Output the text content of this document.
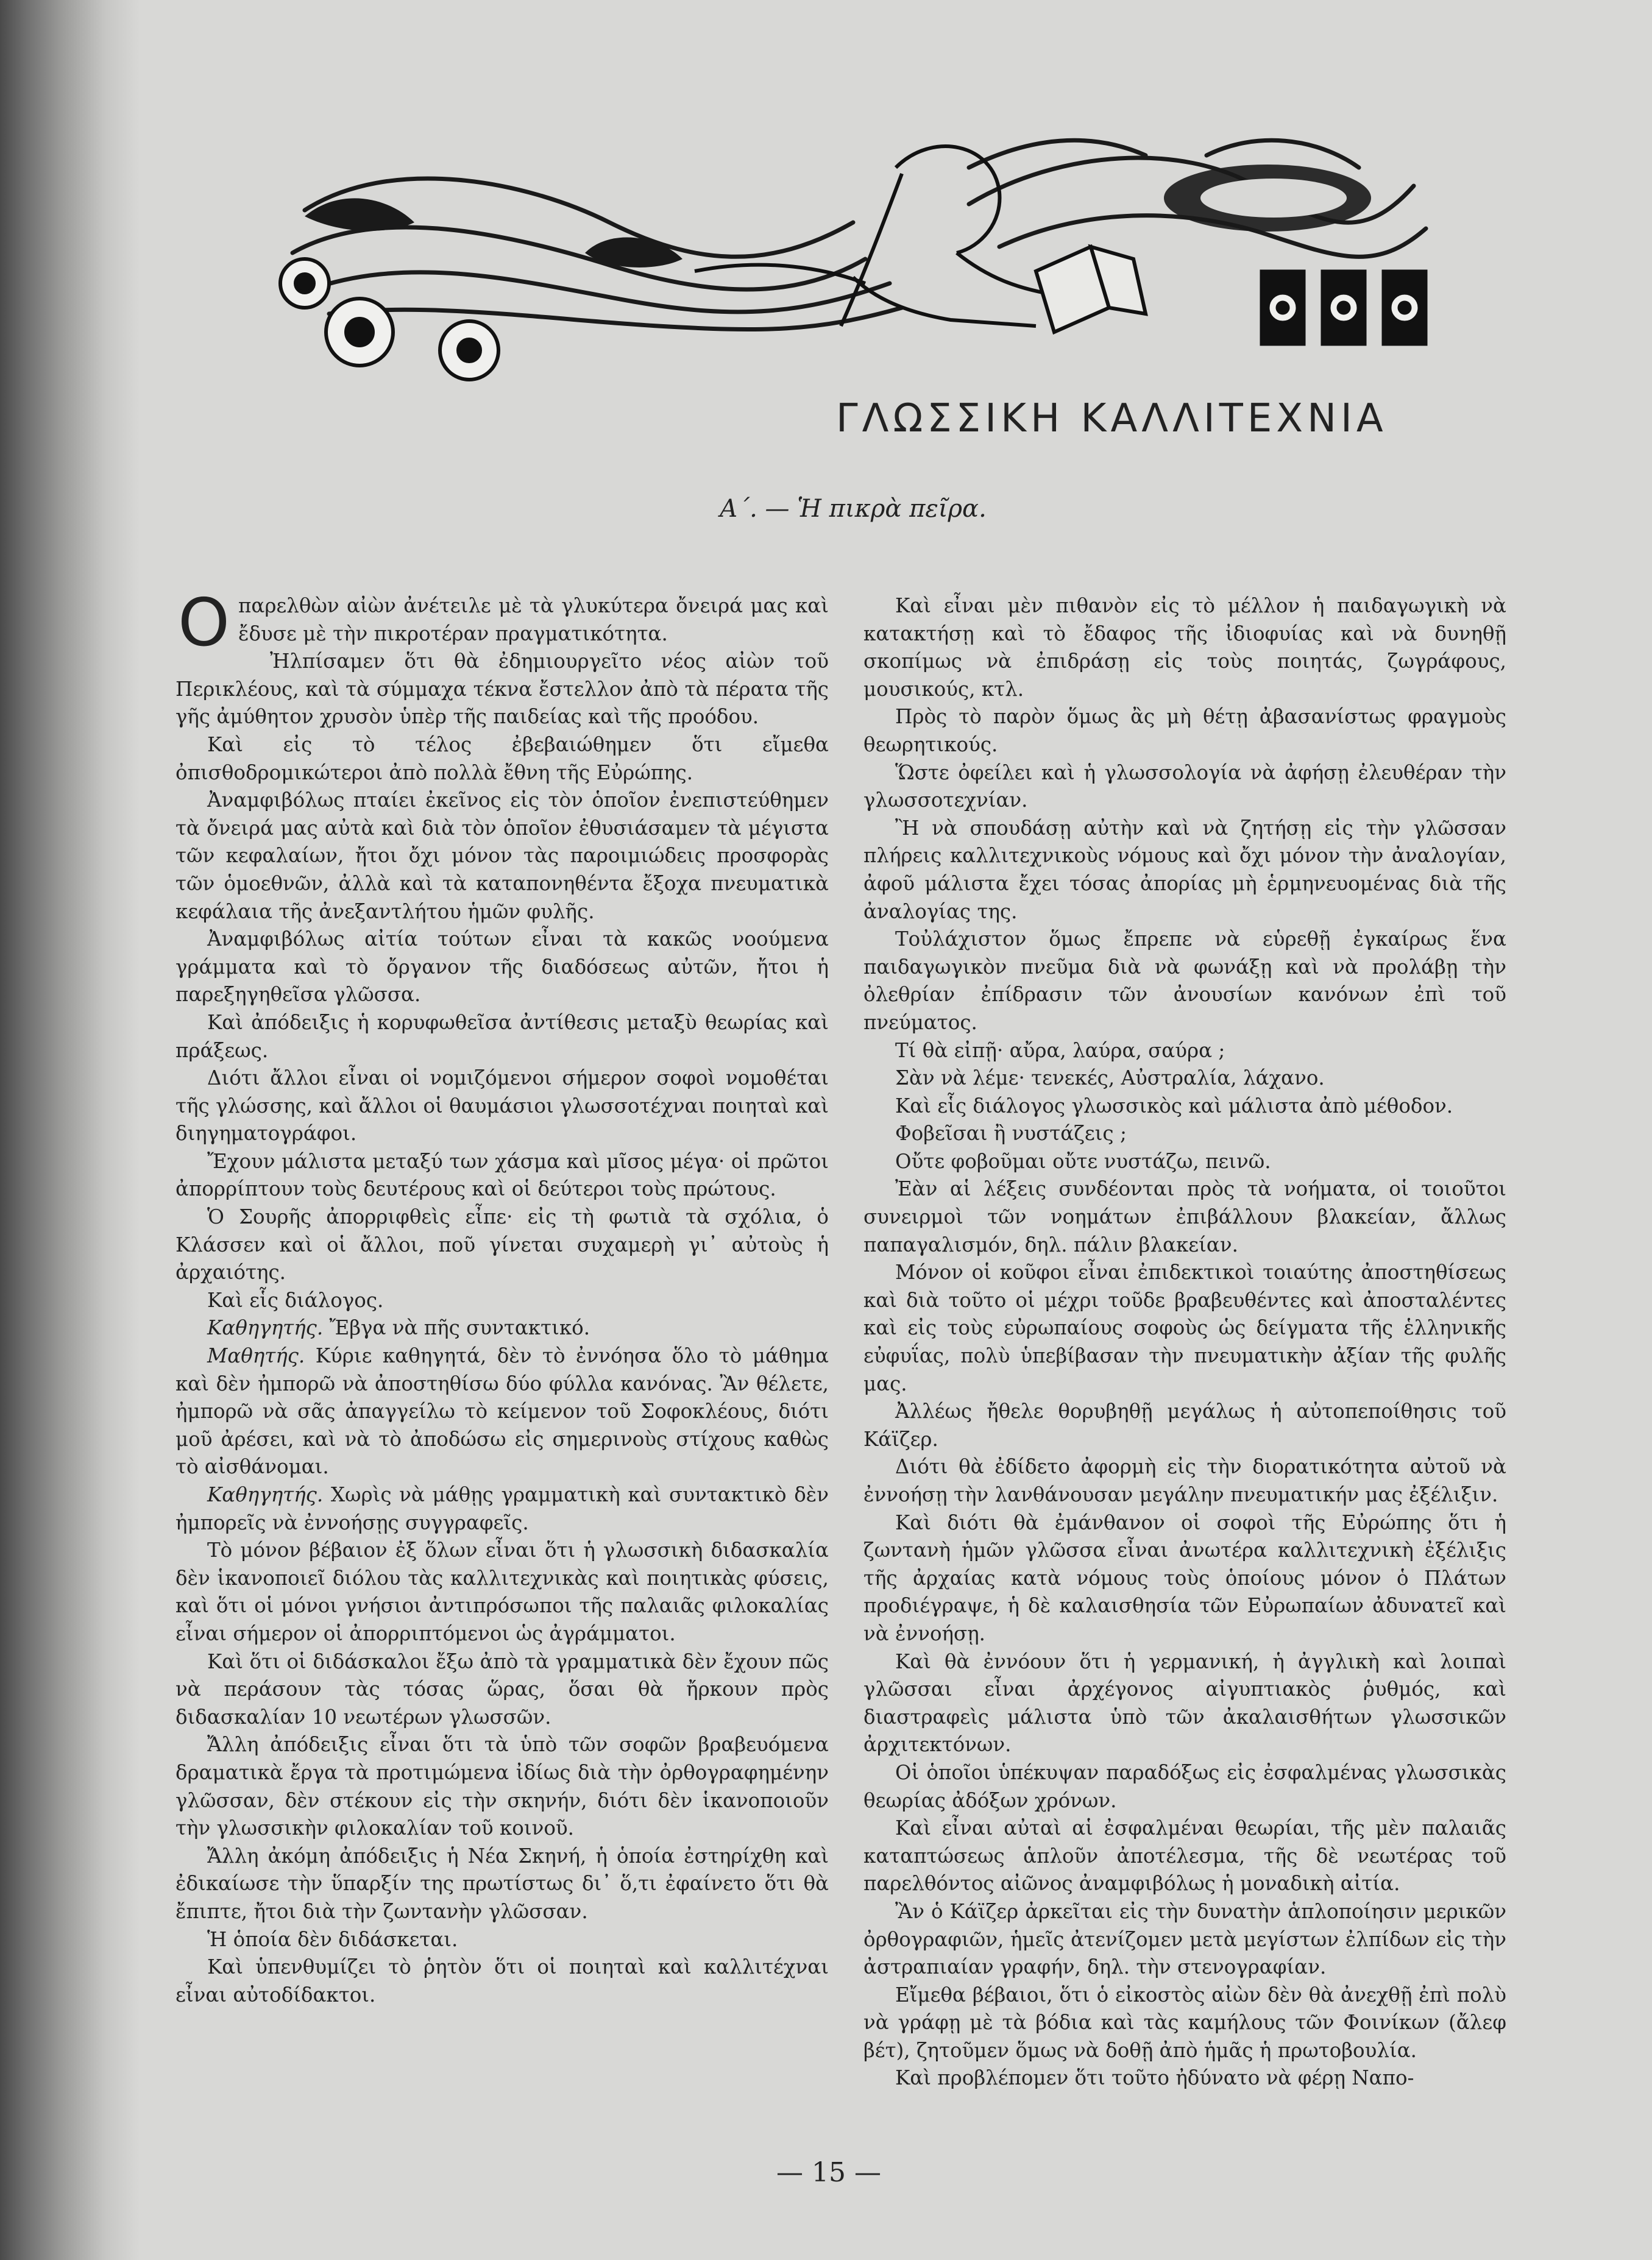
ΓΛΩΣΣΙΚΗ ΚΑΛΛΙΤΕΧΝΙΑ
Α΄. — Ἡ πικρὰ πεῖρα.

Οπαρελθὼν αἰὼν ἀνέτειλε μὲ τὰ γλυκύτερα ὄνειρά μας καὶ ἔδυσε μὲ τὴν πικροτέραν πραγματικότητα.

Ἠλπίσαμεν ὅτι θὰ ἐδημιουργεῖτο νέος αἰὼν τοῦ Περικλέους, καὶ τὰ σύμμαχα τέκνα ἔστελλον ἀπὸ τὰ πέρατα τῆς γῆς ἀμύθητον χρυσὸν ὑπὲρ τῆς παιδείας καὶ τῆς προόδου.

Καὶ εἰς τὸ τέλος ἐβεβαιώθημεν ὅτι εἴμεθα ὀπισθοδρομικώτεροι ἀπὸ πολλὰ ἔθνη τῆς Εὐρώπης.

Ἀναμφιβόλως πταίει ἐκεῖνος εἰς τὸν ὁποῖον ἐνεπιστεύθημεν τὰ ὄνειρά μας αὐτὰ καὶ διὰ τὸν ὁποῖον ἐθυσιάσαμεν τὰ μέγιστα τῶν κεφαλαίων, ἤτοι ὄχι μόνον τὰς παροιμιώδεις προσφορὰς τῶν ὁμοεθνῶν, ἀλλὰ καὶ τὰ καταπονηθέντα ἔξοχα πνευματικὰ κεφάλαια τῆς ἀνεξαντλήτου ἡμῶν φυλῆς.

Ἀναμφιβόλως αἰτία τούτων εἶναι τὰ κακῶς νοούμενα γράμματα καὶ τὸ ὄργανον τῆς διαδόσεως αὐτῶν, ἤτοι ἡ παρεξηγηθεῖσα γλῶσσα.

Καὶ ἀπόδειξις ἡ κορυφωθεῖσα ἀντίθεσις μεταξὺ θεωρίας καὶ πράξεως.

Διότι ἄλλοι εἶναι οἱ νομιζόμενοι σήμερον σοφοὶ νομοθέται τῆς γλώσσης, καὶ ἄλλοι οἱ θαυμάσιοι γλωσσοτέχναι ποιηταὶ καὶ διηγηματογράφοι.

Ἔχουν μάλιστα μεταξύ των χάσμα καὶ μῖσος μέγα· οἱ πρῶτοι ἀπορρίπτουν τοὺς δευτέρους καὶ οἱ δεύτεροι τοὺς πρώτους.

Ὁ Σουρῆς ἀπορριφθεὶς εἶπε· εἰς τὴ φωτιὰ τὰ σχόλια, ὁ Κλάσσεν καὶ οἱ ἄλλοι, ποῦ γίνεται συχαμερὴ γι᾽ αὐτοὺς ἡ ἀρχαιότης.

Καὶ εἷς διάλογος.

Καθηγητής. Ἔβγα νὰ πῆς συντακτικό.

Μαθητής. Κύριε καθηγητά, δὲν τὸ ἐννόησα ὅλο τὸ μάθημα καὶ δὲν ἠμπορῶ νὰ ἀποστηθίσω δύο φύλλα κανόνας. Ἂν θέλετε, ἠμπορῶ νὰ σᾶς ἀπαγγείλω τὸ κείμενον τοῦ Σοφοκλέους, διότι μοῦ ἀρέσει, καὶ νὰ τὸ ἀποδώσω εἰς σημερινοὺς στίχους καθὼς τὸ αἰσθάνομαι.

Καθηγητής. Χωρὶς νὰ μάθῃς γραμματικὴ καὶ συντακτικὸ δὲν ἠμπορεῖς νὰ ἐννοήσῃς συγγραφεῖς.

Τὸ μόνον βέβαιον ἐξ ὅλων εἶναι ὅτι ἡ γλωσσικὴ διδασκαλία δὲν ἱκανοποιεῖ διόλου τὰς καλλιτεχνικὰς καὶ ποιητικὰς φύσεις, καὶ ὅτι οἱ μόνοι γνήσιοι ἀντιπρόσωποι τῆς παλαιᾶς φιλοκαλίας εἶναι σήμερον οἱ ἀπορριπτόμενοι ὡς ἀγράμματοι.

Καὶ ὅτι οἱ διδάσκαλοι ἔξω ἀπὸ τὰ γραμματικὰ δὲν ἔχουν πῶς νὰ περάσουν τὰς τόσας ὥρας, ὅσαι θὰ ἤρκουν πρὸς διδασκαλίαν 10 νεωτέρων γλωσσῶν.

Ἄλλη ἀπόδειξις εἶναι ὅτι τὰ ὑπὸ τῶν σοφῶν βραβευόμενα δραματικὰ ἔργα τὰ προτιμώμενα ἰδίως διὰ τὴν ὀρθογραφημένην γλῶσσαν, δὲν στέκουν εἰς τὴν σκηνήν, διότι δὲν ἱκανοποιοῦν τὴν γλωσσικὴν φιλοκαλίαν τοῦ κοινοῦ.

Ἄλλη ἀκόμη ἀπόδειξις ἡ Νέα Σκηνή, ἡ ὁποία ἐστηρίχθη καὶ ἐδικαίωσε τὴν ὕπαρξίν της πρωτίστως δι᾽ ὅ,τι ἐφαίνετο ὅτι θὰ ἔπιπτε, ἤτοι διὰ τὴν ζωντανὴν γλῶσσαν.

Ἡ ὁποία δὲν διδάσκεται.

Καὶ ὑπενθυμίζει τὸ ῥητὸν ὅτι οἱ ποιηταὶ καὶ καλλιτέχναι εἶναι αὐτοδίδακτοι.

Καὶ εἶναι μὲν πιθανὸν εἰς τὸ μέλλον ἡ παιδαγωγικὴ νὰ κατακτήσῃ καὶ τὸ ἔδαφος τῆς ἰδιοφυίας καὶ νὰ δυνηθῇ σκοπίμως νὰ ἐπιδράσῃ εἰς τοὺς ποιητάς, ζωγράφους, μουσικούς, κτλ.

Πρὸς τὸ παρὸν ὅμως ἂς μὴ θέτῃ ἀβασανίστως φραγμοὺς θεωρητικούς.

Ὥστε ὀφείλει καὶ ἡ γλωσσολογία νὰ ἀφήσῃ ἐλευθέραν τὴν γλωσσοτεχνίαν.

Ἢ νὰ σπουδάσῃ αὐτὴν καὶ νὰ ζητήσῃ εἰς τὴν γλῶσσαν πλήρεις καλλιτεχνικοὺς νόμους καὶ ὄχι μόνον τὴν ἀναλογίαν, ἀφοῦ μάλιστα ἔχει τόσας ἀπορίας μὴ ἑρμηνευομένας διὰ τῆς ἀναλογίας της.

Τοὐλάχιστον ὅμως ἔπρεπε νὰ εὑρεθῇ ἐγκαίρως ἕνα παιδαγωγικὸν πνεῦμα διὰ νὰ φωνάξῃ καὶ νὰ προλάβῃ τὴν ὀλεθρίαν ἐπίδρασιν τῶν ἀνουσίων κανόνων ἐπὶ τοῦ πνεύματος.

Τί θὰ εἰπῇ· αὔρα, λαύρα, σαύρα ;

Σὰν νὰ λέμε· τενεκές, Αὐστραλία, λάχανο.

Καὶ εἷς διάλογος γλωσσικὸς καὶ μάλιστα ἀπὸ μέθοδον.

Φοβεῖσαι ἢ νυστάζεις ;

Οὔτε φοβοῦμαι οὔτε νυστάζω, πεινῶ.

Ἐὰν αἱ λέξεις συνδέονται πρὸς τὰ νοήματα, οἱ τοιοῦτοι συνειρμοὶ τῶν νοημάτων ἐπιβάλλουν βλακείαν, ἄλλως παπαγαλισμόν, δηλ. πάλιν βλακείαν.

Μόνον οἱ κοῦφοι εἶναι ἐπιδεκτικοὶ τοιαύτης ἀποστηθίσεως καὶ διὰ τοῦτο οἱ μέχρι τοῦδε βραβευθέντες καὶ ἀποσταλέντες καὶ εἰς τοὺς εὐρωπαίους σοφοὺς ὡς δείγματα τῆς ἑλληνικῆς εὐφυΐας, πολὺ ὑπεβίβασαν τὴν πνευματικὴν ἀξίαν τῆς φυλῆς μας.

Ἀλλέως ἤθελε θορυβηθῇ μεγάλως ἡ αὐτοπεποίθησις τοῦ Κάϊζερ.

Διότι θὰ ἐδίδετο ἀφορμὴ εἰς τὴν διορατικότητα αὐτοῦ νὰ ἐννοήσῃ τὴν λανθάνουσαν μεγάλην πνευματικήν μας ἐξέλιξιν.

Καὶ διότι θὰ ἐμάνθανον οἱ σοφοὶ τῆς Εὐρώπης ὅτι ἡ ζωντανὴ ἡμῶν γλῶσσα εἶναι ἀνωτέρα καλλιτεχνικὴ ἐξέλιξις τῆς ἀρχαίας κατὰ νόμους τοὺς ὁποίους μόνον ὁ Πλάτων προδιέγραψε, ἡ δὲ καλαισθησία τῶν Εὐρωπαίων ἀδυνατεῖ καὶ νὰ ἐννοήσῃ.

Καὶ θὰ ἐννόουν ὅτι ἡ γερμανική, ἡ ἀγγλικὴ καὶ λοιπαὶ γλῶσσαι εἶναι ἀρχέγονος αἰγυπτιακὸς ῥυθμός, καὶ διαστραφεὶς μάλιστα ὑπὸ τῶν ἀκαλαισθήτων γλωσσικῶν ἀρχιτεκτόνων.

Οἱ ὁποῖοι ὑπέκυψαν παραδόξως εἰς ἐσφαλμένας γλωσσικὰς θεωρίας ἀδόξων χρόνων.

Καὶ εἶναι αὐταὶ αἱ ἐσφαλμέναι θεωρίαι, τῆς μὲν παλαιᾶς καταπτώσεως ἁπλοῦν ἀποτέλεσμα, τῆς δὲ νεωτέρας τοῦ παρελθόντος αἰῶνος ἀναμφιβόλως ἡ μοναδικὴ αἰτία.

Ἂν ὁ Κάϊζερ ἀρκεῖται εἰς τὴν δυνατὴν ἁπλοποίησιν μερικῶν ὀρθογραφιῶν, ἡμεῖς ἀτενίζομεν μετὰ μεγίστων ἐλπίδων εἰς τὴν ἀστραπιαίαν γραφήν, δηλ. τὴν στενογραφίαν.

Εἴμεθα βέβαιοι, ὅτι ὁ εἰκοστὸς αἰὼν δὲν θὰ ἀνεχθῇ ἐπὶ πολὺ νὰ γράφῃ μὲ τὰ βόδια καὶ τὰς καμήλους τῶν Φοινίκων (ἄλεφ βέτ), ζητοῦμεν ὅμως νὰ δοθῇ ἀπὸ ἡμᾶς ἡ πρωτοβουλία.

Καὶ προβλέπομεν ὅτι τοῦτο ἠδύνατο νὰ φέρῃ Ναπο-

— 15 —
